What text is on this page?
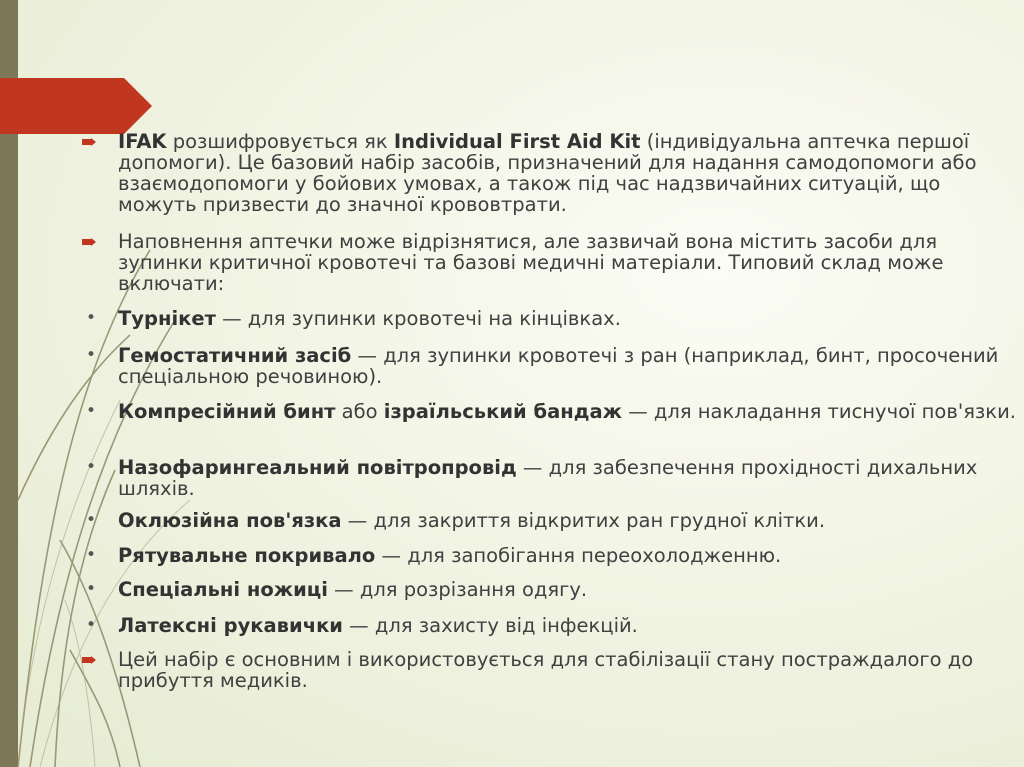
IFAK розшифровується як Individual First Aid Kit (індивідуальна аптечка першої допомоги). Це базовий набір засобів, призначений для надання самодопомоги або взаємодопомоги у бойових умовах, а також під час надзвичайних ситуацій, що можуть призвести до значної крововтрати.

Наповнення аптечки може відрізнятися, але зазвичай вона містить засоби для зупинки критичної кровотечі та базові медичні матеріали. Типовий склад може включати:

•
Турнікет — для зупинки кровотечі на кінцівках.

•
Гемостатичний засіб — для зупинки кровотечі з ран (наприклад, бинт, просочений спеціальною речовиною).

•
Компресійний бинт або ізраїльський бандаж — для накладання тиснучої пов'язки.

•
Назофарингеальний повітропровід — для забезпечення прохідності дихальних шляхів.

•
Оклюзійна пов'язка — для закриття відкритих ран грудної клітки.

•
Рятувальне покривало — для запобігання переохолодженню.

•
Спеціальні ножиці — для розрізання одягу.

•
Латексні рукавички — для захисту від інфекцій.

Цей набір є основним і використовується для стабілізації стану постраждалого до прибуття медиків.
